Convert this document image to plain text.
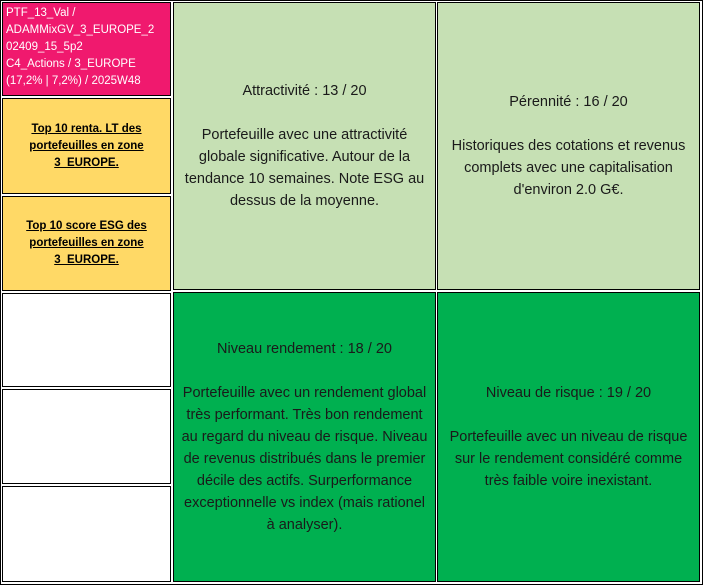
PTF_13_Val /
ADAMMixGV_3_EUROPE_2
02409_15_5p2
C4_Actions / 3_EUROPE
(17,2% | 7,2%) / 2025W48
Top 10 renta. LT des portefeuilles en zone 3_EUROPE.
Top 10 score ESG des portefeuilles en zone 3_EUROPE.
Attractivité : 13 / 20
Portefeuille avec une attractivité globale significative. Autour de la tendance 10 semaines. Note ESG au dessus de la moyenne.
Pérennité : 16 / 20
Historiques des cotations et revenus complets avec une capitalisation d'environ 2.0 G€.
Niveau rendement : 18 / 20
Portefeuille avec un rendement global très performant. Très bon rendement au regard du niveau de risque. Niveau de revenus distribués dans le premier décile des actifs. Surperformance exceptionnelle vs index (mais rationel à analyser).
Niveau de risque : 19 / 20
Portefeuille avec un niveau de risque sur le rendement considéré comme très faible voire inexistant.
